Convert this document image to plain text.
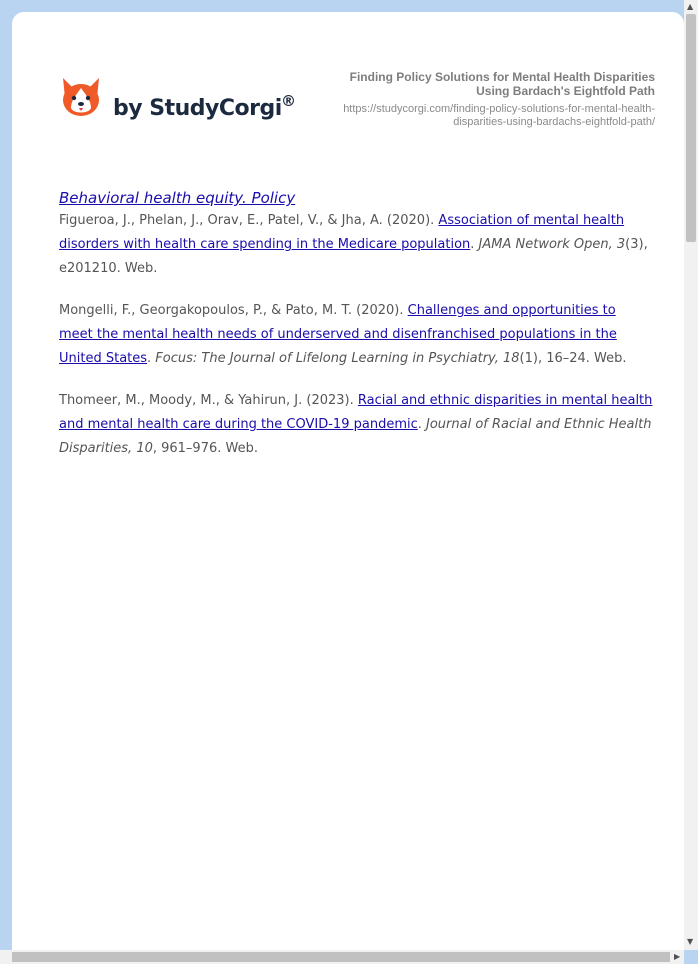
by StudyCorgi ®
Finding Policy Solutions for Mental Health Disparities Using Bardach's Eightfold Path
https://studycorgi.com/finding-policy-solutions-for-mental-health-disparities-using-bardachs-eightfold-path/
Behavioral health equity. Policy

Figueroa, J., Phelan, J., Orav, E., Patel, V., & Jha, A. (2020). Association of mental health disorders with health care spending in the Medicare population. JAMA Network Open, 3(3), e201210. Web.

Mongelli, F., Georgakopoulos, P., & Pato, M. T. (2020). Challenges and opportunities to meet the mental health needs of underserved and disenfranchised populations in the United States. Focus: The Journal of Lifelong Learning in Psychiatry, 18(1), 16–24. Web.

Thomeer, M., Moody, M., & Yahirun, J. (2023). Racial and ethnic disparities in mental health and mental health care during the COVID-19 pandemic. Journal of Racial and Ethnic Health Disparities, 10, 961–976. Web.

▲
▼
▶
